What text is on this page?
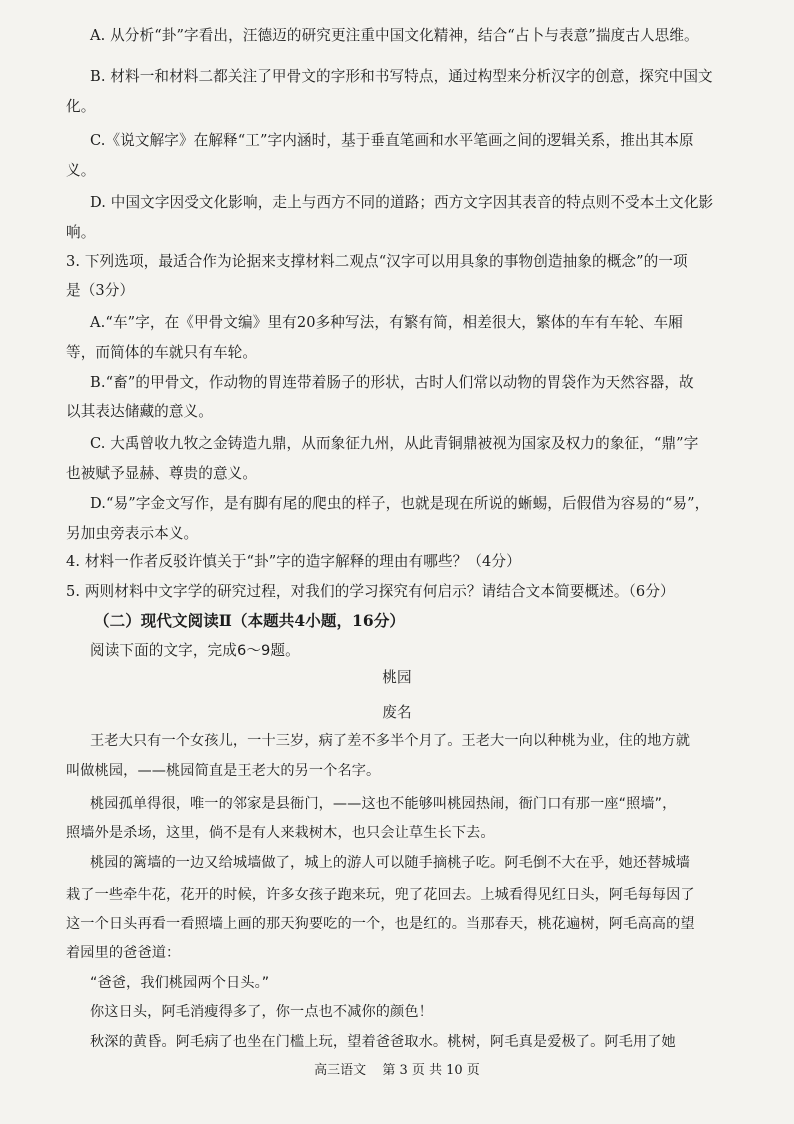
A. 从分析“卦”字看出，汪德迈的研究更注重中国文化精神，结合“占卜与表意”揣度古人思维。
B. 材料一和材料二都关注了甲骨文的字形和书写特点，通过构型来分析汉字的创意，探究中国文
化。
C.《说文解字》在解释“工”字内涵时，基于垂直笔画和水平笔画之间的逻辑关系，推出其本原
义。
D. 中国文字因受文化影响，走上与西方不同的道路；西方文字因其表音的特点则不受本土文化影
响。
3. 下列选项，最适合作为论据来支撑材料二观点“汉字可以用具象的事物创造抽象的概念”的一项
是（3分）
A.“车”字，在《甲骨文编》里有20多种写法，有繁有简，相差很大，繁体的车有车轮、车厢
等，而简体的车就只有车轮。
B.“畜”的甲骨文，作动物的胃连带着肠子的形状，古时人们常以动物的胃袋作为天然容器，故
以其表达储藏的意义。
C. 大禹曾收九牧之金铸造九鼎，从而象征九州，从此青铜鼎被视为国家及权力的象征，“鼎”字
也被赋予显赫、尊贵的意义。
D.“易”字金文写作，是有脚有尾的爬虫的样子，也就是现在所说的蜥蜴，后假借为容易的“易”，
另加虫旁表示本义。
4. 材料一作者反驳许慎关于“卦”字的造字解释的理由有哪些？（4分）
5. 两则材料中文字学的研究过程，对我们的学习探究有何启示？请结合文本简要概述。（6分）
（二）现代文阅读Ⅱ（本题共4小题，16分）
阅读下面的文字，完成6～9题。
桃园
废名
王老大只有一个女孩儿，一十三岁，病了差不多半个月了。王老大一向以种桃为业，住的地方就
叫做桃园，——桃园简直是王老大的另一个名字。
桃园孤单得很，唯一的邻家是县衙门，——这也不能够叫桃园热闹，衙门口有那一座“照墙”，
照墙外是杀场，这里，倘不是有人来栽树木，也只会让草生长下去。
桃园的篱墙的一边又给城墙做了，城上的游人可以随手摘桃子吃。阿毛倒不大在乎，她还替城墙
栽了一些牵牛花，花开的时候，许多女孩子跑来玩，兜了花回去。上城看得见红日头，阿毛每每因了
这一个日头再看一看照墙上画的那天狗要吃的一个，也是红的。当那春天，桃花遍树，阿毛高高的望
着园里的爸爸道：
“爸爸，我们桃园两个日头。”
你这日头，阿毛消瘦得多了，你一点也不减你的颜色！
秋深的黄昏。阿毛病了也坐在门槛上玩，望着爸爸取水。桃树，阿毛真是爱极了。阿毛用了她
高三语文 第 3 页 共 10 页
